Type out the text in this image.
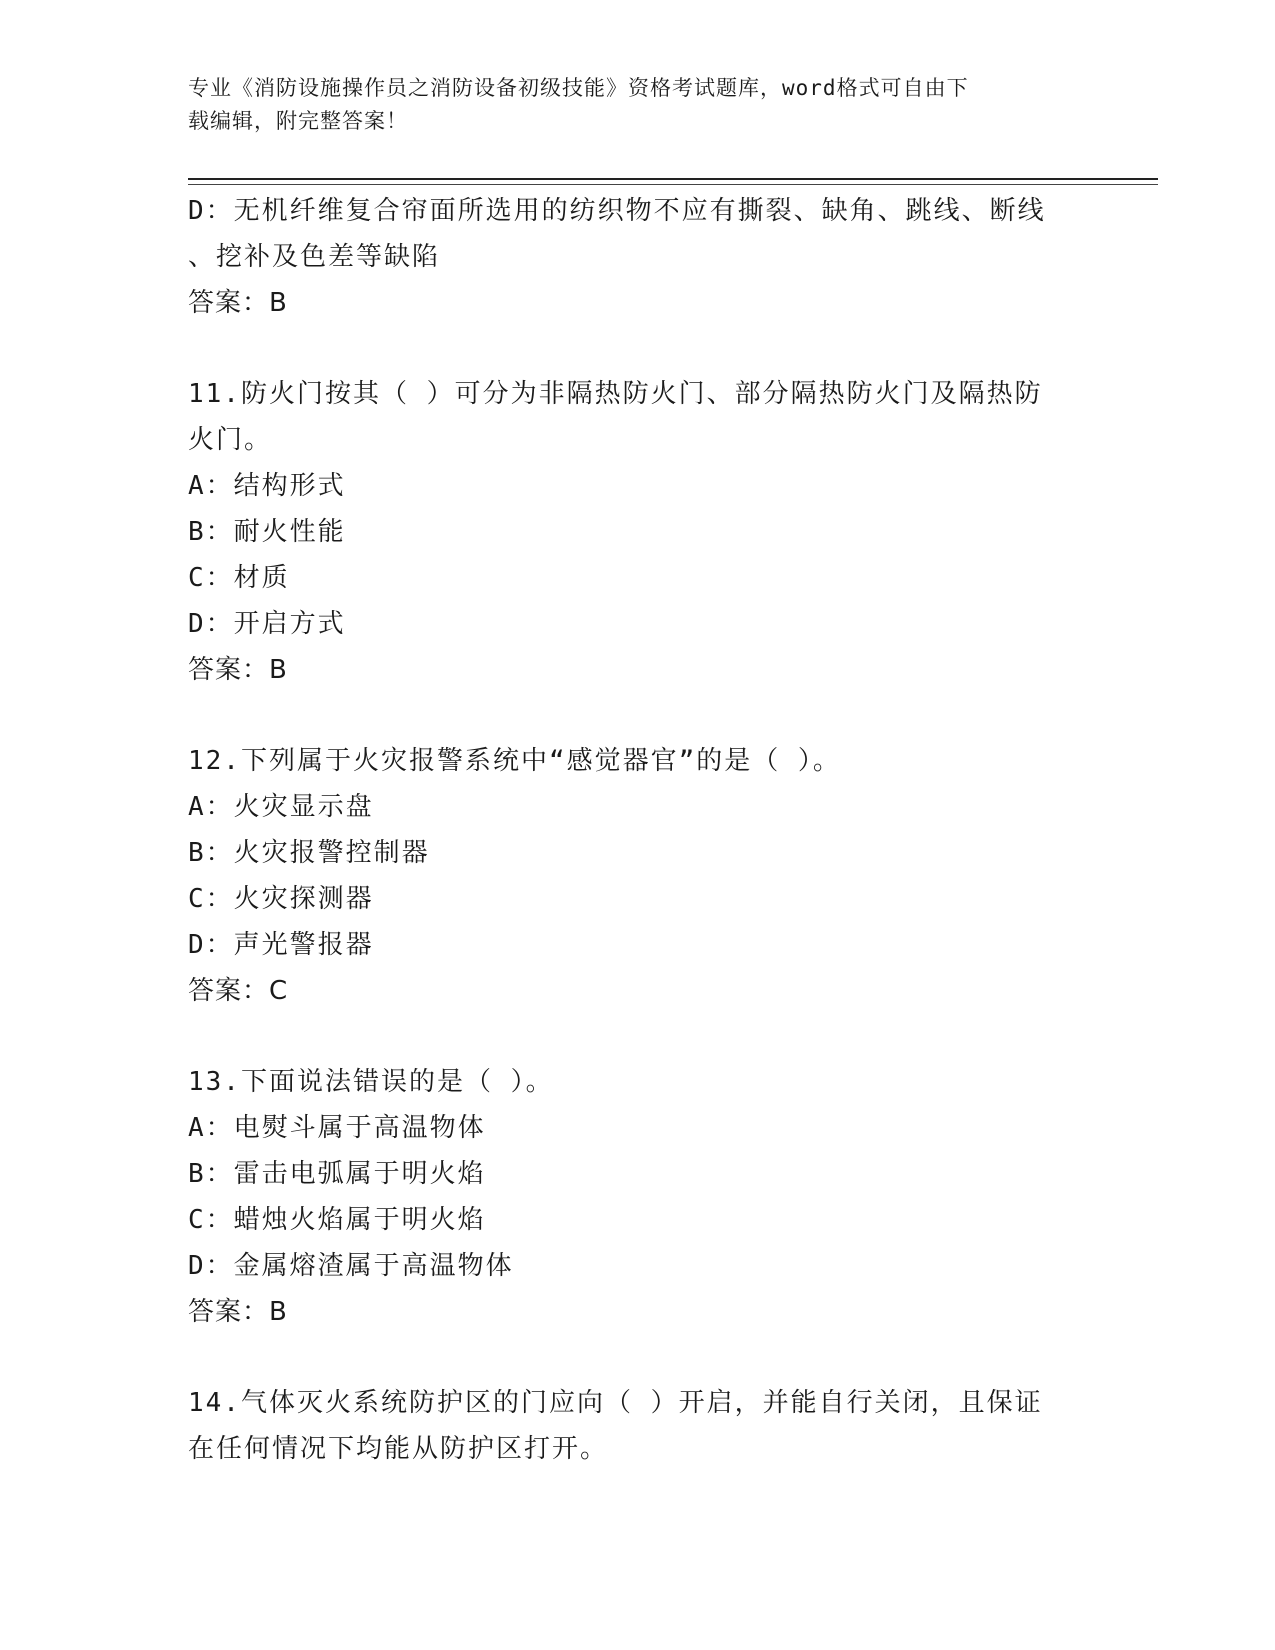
专业《消防设施操作员之消防设备初级技能》资格考试题库，word格式可自由下
载编辑，附完整答案！

D：无机纤维复合帘面所选用的纺织物不应有撕裂、缺角、跳线、断线

、挖补及色差等缺陷

答案：B

11.防火门按其（ ）可分为非隔热防火门、部分隔热防火门及隔热防

火门。

A：结构形式

B：耐火性能

C：材质

D：开启方式

答案：B

12.下列属于火灾报警系统中“感觉器官”的是（ ）。

A：火灾显示盘

B：火灾报警控制器

C：火灾探测器

D：声光警报器

答案：C

13.下面说法错误的是（ ）。

A：电熨斗属于高温物体

B：雷击电弧属于明火焰

C：蜡烛火焰属于明火焰

D：金属熔渣属于高温物体

答案：B

14.气体灭火系统防护区的门应向（ ）开启，并能自行关闭，且保证

在任何情况下均能从防护区打开。
